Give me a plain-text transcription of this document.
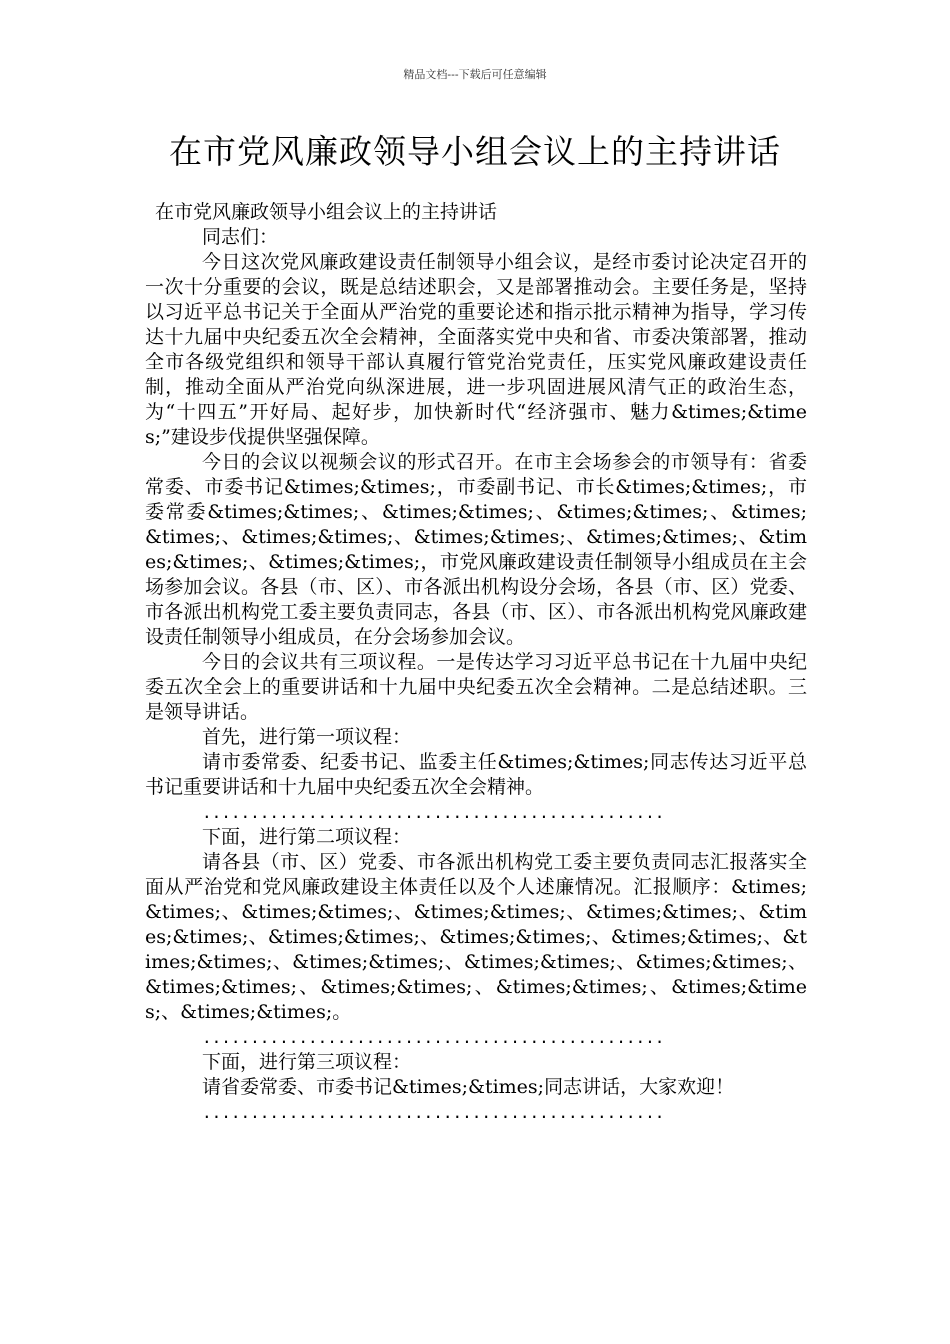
精品文档---下载后可任意编辑
在市党风廉政领导小组会议上的主持讲话

在市党风廉政领导小组会议上的主持讲话

同志们：

今日这次党风廉政建设责任制领导小组会议，是经市委讨论决定召开的一次十分重要的会议，既是总结述职会，又是部署推动会。主要任务是，坚持以习近平总书记关于全面从严治党的重要论述和指示批示精神为指导，学习传达十九届中央纪委五次全会精神，全面落实党中央和省、市委决策部署，推动全市各级党组织和领导干部认真履行管党治党责任，压实党风廉政建设责任制，推动全面从严治党向纵深进展，进一步巩固进展风清气正的政治生态，为“十四五”开好局、起好步，加快新时代“经济强市、魅力&times;&times;”建设步伐提供坚强保障。

今日的会议以视频会议的形式召开。在市主会场参会的市领导有：省委常委、市委书记&times;&times;，市委副书记、市长&times;&times;，市委常委&times;&times;、&times;&times;、&times;&times;、&times;&times;、&times;&times;、&times;&times;、&times;&times;、&times;&times;、&times;&times;，市党风廉政建设责任制领导小组成员在主会场参加会议。各县（市、区）、市各派出机构设分会场，各县（市、区）党委、市各派出机构党工委主要负责同志，各县（市、区）、市各派出机构党风廉政建设责任制领导小组成员，在分会场参加会议。

今日的会议共有三项议程。一是传达学习习近平总书记在十九届中央纪委五次全会上的重要讲话和十九届中央纪委五次全会精神。二是总结述职。三是领导讲话。

首先，进行第一项议程：

请市委常委、纪委书记、监委主任&times;&times;同志传达习近平总书记重要讲话和十九届中央纪委五次全会精神。

................................................

下面，进行第二项议程：

请各县（市、区）党委、市各派出机构党工委主要负责同志汇报落实全面从严治党和党风廉政建设主体责任以及个人述廉情况。汇报顺序：&times;&times;、&times;&times;、&times;&times;、&times;&times;、&times;&times;、&times;&times;、&times;&times;、&times;&times;、&times;&times;、&times;&times;、&times;&times;、&times;&times;、&times;&times;、&times;&times;、&times;&times;、&times;&times;、&times;&times;。

................................................

下面，进行第三项议程：

请省委常委、市委书记&times;&times;同志讲话，大家欢迎！

................................................
